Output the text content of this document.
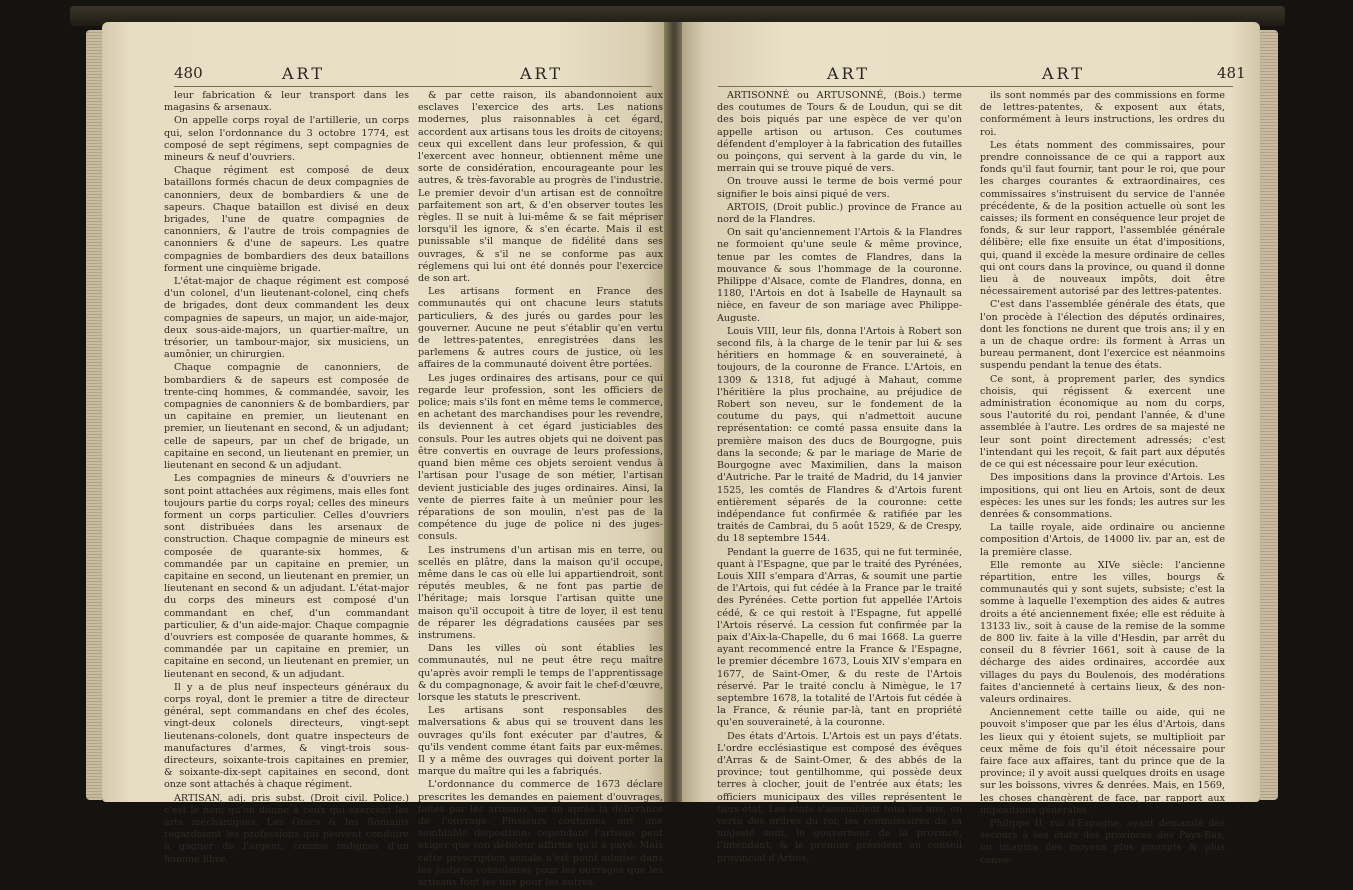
480	ART	ART

leur fabrication & leur transport dans les magasins & arsenaux.

On appelle corps royal de l'artillerie, un corps qui, selon l'ordonnance du 3 octobre 1774, est composé de sept régimens, sept compagnies de mineurs & neuf d'ouvriers.

Chaque régiment est composé de deux bataillons formés chacun de deux compagnies de canonniers, deux de bombardiers & une de sapeurs. Chaque bataillon est divisé en deux brigades, l'une de quatre compagnies de canonniers, & l'autre de trois compagnies de canonniers & d'une de sapeurs. Les quatre compagnies de bombardiers des deux bataillons forment une cinquième brigade.

L'état-major de chaque régiment est composé d'un colonel, d'un lieutenant-colonel, cinq chefs de brigades, dont deux commandent les deux compagnies de sapeurs, un major, un aide-major, deux sous-aide-majors, un quartier-maître, un trésorier, un tambour-major, six musiciens, un aumônier, un chirurgien.

Chaque compagnie de canonniers, de bombardiers & de sapeurs est composée de trente-cinq hommes, & commandée, savoir, les compagnies de canonniers & de bombardiers, par un capitaine en premier, un lieutenant en premier, un lieutenant en second, & un adjudant; celle de sapeurs, par un chef de brigade, un capitaine en second, un lieutenant en premier, un lieutenant en second & un adjudant.

Les compagnies de mineurs & d'ouvriers ne sont point attachées aux régimens, mais elles font toujours partie du corps royal; celles des mineurs forment un corps particulier. Celles d'ouvriers sont distribuées dans les arsenaux de construction. Chaque compagnie de mineurs est composée de quarante-six hommes, & commandée par un capitaine en premier, un capitaine en second, un lieutenant en premier, un lieutenant en second & un adjudant. L'état-major du corps des mineurs est composé d'un commandant en chef, d'un commandant particulier, & d'un aide-major. Chaque compagnie d'ouvriers est composée de quarante hommes, & commandée par un capitaine en premier, un capitaine en second, un lieutenant en premier, un lieutenant en second, & un adjudant.

Il y a de plus neuf inspecteurs généraux du corps royal, dont le premier a titre de directeur général, sept commandans en chef des écoles, vingt-deux colonels directeurs, vingt-sept lieutenans-colonels, dont quatre inspecteurs de manufactures d'armes, & vingt-trois sous-directeurs, soixante-trois capitaines en premier, & soixante-dix-sept capitaines en second, dont onze sont attachés à chaque régiment.

ARTISAN, adj. pris subst. (Droit civil. Police.) c'est le nom qu'on donne à ceux qui exercent les arts méchaniques. Les Grecs & les Romains regardoient les professions qui peuvent conduire à gagner de l'argent, comme indignes d'un homme libre,

& par cette raison, ils abandonnoient aux esclaves l'exercice des arts. Les nations modernes, plus raisonnables à cet égard, accordent aux artisans tous les droits de citoyens; ceux qui excellent dans leur profession, & qui l'exercent avec honneur, obtiennent même une sorte de considération, encourageante pour les autres, & très-favorable au progrès de l'industrie. Le premier devoir d'un artisan est de connoître parfaitement son art, & d'en observer toutes les règles. Il se nuit à lui-même & se fait mépriser lorsqu'il les ignore, & s'en écarte. Mais il est punissable s'il manque de fidélité dans ses ouvrages, & s'il ne se conforme pas aux réglemens qui lui ont été donnés pour l'exercice de son art.

Les artisans forment en France des communautés qui ont chacune leurs statuts particuliers, & des jurés ou gardes pour les gouverner. Aucune ne peut s'établir qu'en vertu de lettres-patentes, enregistrées dans les parlemens & autres cours de justice, où les affaires de la communauté doivent être portées.

Les juges ordinaires des artisans, pour ce qui regarde leur profession, sont les officiers de police; mais s'ils font en même tems le commerce, en achetant des marchandises pour les revendre, ils deviennent à cet égard justiciables des consuls. Pour les autres objets qui ne doivent pas être convertis en ouvrage de leurs professions, quand bien même ces objets seroient vendus à l'artisan pour l'usage de son métier, l'artisan devient justiciable des juges ordinaires. Ainsi, la vente de pierres faite à un meûnier pour les réparations de son moulin, n'est pas de la compétence du juge de police ni des juges-consuls.

Les instrumens d'un artisan mis en terre, ou scellés en plâtre, dans la maison qu'il occupe, même dans le cas où elle lui appartiendroit, sont réputés meubles, & ne font pas partie de l'héritage; mais lorsque l'artisan quitte une maison qu'il occupoit à titre de loyer, il est tenu de réparer les dégradations causées par ses instrumens.

Dans les villes où sont établies les communautés, nul ne peut être reçu maître qu'après avoir rempli le temps de l'apprentissage & du compagnonage, & avoir fait le chef-d'œuvre, lorsque les statuts le prescrivent.

Les artisans sont responsables des malversations & abus qui se trouvent dans les ouvrages qu'ils font exécuter par d'autres, & qu'ils vendent comme étant faits par eux-mêmes. Il y a même des ouvrages qui doivent porter la marque du maître qui les a fabriqués.

L'ordonnance du commerce de 1673 déclare prescrites les demandes en paiement d'ouvrages, faites par les artisans, un an après la délivrance de l'ouvrage. Plusieurs coutumes ont une semblable disposition: cependant l'artisan peut exiger que son débiteur affirme qu'il a payé. Mais cette prescription annale n'est point admise dans les justices consulaires pour les ouvrages que les artisans font les uns pour les autres.

ART	ART	481

ARTISONNÉ ou ARTUSONNÉ, (Bois.) terme des coutumes de Tours & de Loudun, qui se dit des bois piqués par une espèce de ver qu'on appelle artison ou artuson. Ces coutumes défendent d'employer à la fabrication des futailles ou poinçons, qui servent à la garde du vin, le merrain qui se trouve piqué de vers.

On trouve aussi le terme de bois vermé pour signifier le bois ainsi piqué de vers.

ARTOIS, (Droit public.) province de France au nord de la Flandres.

On sait qu'anciennement l'Artois & la Flandres ne formoient qu'une seule & même province, tenue par les comtes de Flandres, dans la mouvance & sous l'hommage de la couronne. Philippe d'Alsace, comte de Flandres, donna, en 1180, l'Artois en dot à Isabelle de Haynault sa nièce, en faveur de son mariage avec Philippe-Auguste.

Louis VIII, leur fils, donna l'Artois à Robert son second fils, à la charge de le tenir par lui & ses héritiers en hommage & en souveraineté, à toujours, de la couronne de France. L'Artois, en 1309 & 1318, fut adjugé à Mahaut, comme l'héritière la plus prochaine, au préjudice de Robert son neveu, sur le fondement de la coutume du pays, qui n'admettoit aucune représentation: ce comté passa ensuite dans la première maison des ducs de Bourgogne, puis dans la seconde; & par le mariage de Marie de Bourgogne avec Maximilien, dans la maison d'Autriche. Par le traité de Madrid, du 14 janvier 1525, les comtés de Flandres & d'Artois furent entièrement séparés de la couronne: cette indépendance fut confirmée & ratifiée par les traités de Cambrai, du 5 août 1529, & de Crespy, du 18 septembre 1544.

Pendant la guerre de 1635, qui ne fut terminée, quant à l'Espagne, que par le traité des Pyrénées, Louis XIII s'empara d'Arras, & soumit une partie de l'Artois, qui fut cédée à la France par le traité des Pyrénées. Cette portion fut appellée l'Artois cédé, & ce qui restoit à l'Espagne, fut appellé l'Artois réservé. La cession fut confirmée par la paix d'Aix-la-Chapelle, du 6 mai 1668. La guerre ayant recommencé entre la France & l'Espagne, le premier décembre 1673, Louis XIV s'empara en 1677, de Saint-Omer, & du reste de l'Artois réservé. Par le traité conclu à Nimègue, le 17 septembre 1678, la totalité de l'Artois fut cédée à la France, & réunie par-là, tant en propriété qu'en souveraineté, à la couronne.

Des états d'Artois. L'Artois est un pays d'états. L'ordre ecclésiastique est composé des évêques d'Arras & de Saint-Omer, & des abbés de la province; tout gentilhomme, qui possède deux terres à clocher, jouit de l'entrée aux états; les officiers municipaux des villes représentent le tiers-état. Les états s'assemblent tous les ans, en vertu des ordres du roi; les commissaires de sa majesté sont, le gouverneur de la province, l'intendant, & le premier président au conseil provincial d'Artois;

ils sont nommés par des commissions en forme de lettres-patentes, & exposent aux états, conformément à leurs instructions, les ordres du roi.

Les états nomment des commissaires, pour prendre connoissance de ce qui a rapport aux fonds qu'il faut fournir, tant pour le roi, que pour les charges courantes & extraordinaires, ces commissaires s'instruisent du service de l'année précédente, & de la position actuelle où sont les caisses; ils forment en conséquence leur projet de fonds, & sur leur rapport, l'assemblée générale délibère; elle fixe ensuite un état d'impositions, qui, quand il excède la mesure ordinaire de celles qui ont cours dans la province, ou quand il donne lieu à de nouveaux impôts, doit être nécessairement autorisé par des lettres-patentes.

C'est dans l'assemblée générale des états, que l'on procède à l'élection des députés ordinaires, dont les fonctions ne durent que trois ans; il y en a un de chaque ordre: ils forment à Arras un bureau permanent, dont l'exercice est néanmoins suspendu pendant la tenue des états.

Ce sont, à proprement parler, des syndics choisis, qui régissent & exercent une administration économique au nom du corps, sous l'autorité du roi, pendant l'année, & d'une assemblée à l'autre. Les ordres de sa majesté ne leur sont point directement adressés; c'est l'intendant qui les reçoit, & fait part aux députés de ce qui est nécessaire pour leur exécution.

Des impositions dans la province d'Artois. Les impositions, qui ont lieu en Artois, sont de deux espèces: les unes sur les fonds; les autres sur les denrées & consommations.

La taille royale, aide ordinaire ou ancienne composition d'Artois, de 14000 liv. par an, est de la première classe.

Elle remonte au XIVe siècle: l'ancienne répartition, entre les villes, bourgs & communautés qui y sont sujets, subsiste; c'est la somme à laquelle l'exemption des aides & autres droits a été anciennement fixée; elle est réduite à 13133 liv., soit à cause de la remise de la somme de 800 liv. faite à la ville d'Hesdin, par arrêt du conseil du 8 février 1661, soit à cause de la décharge des aides ordinaires, accordée aux villages du pays du Boulenois, des modérations faites d'ancienneté à certains lieux, & des non-valeurs ordinaires.

Anciennement cette taille ou aide, qui ne pouvoit s'imposer que par les élus d'Artois, dans les lieux qui y étoient sujets, se multiplioit par ceux même de fois qu'il étoit nécessaire pour faire face aux affaires, tant du prince que de la province; il y avoit aussi quelques droits en usage sur les boissons, vivres & denrées. Mais, en 1569, les choses changèrent de face, par rapport aux impositions générales.

Philippe II, roi d'Espagne, ayant demandé des secours à ses états des provinces des Pays-Bas, on imagina des moyens plus prompts & plus conve-
